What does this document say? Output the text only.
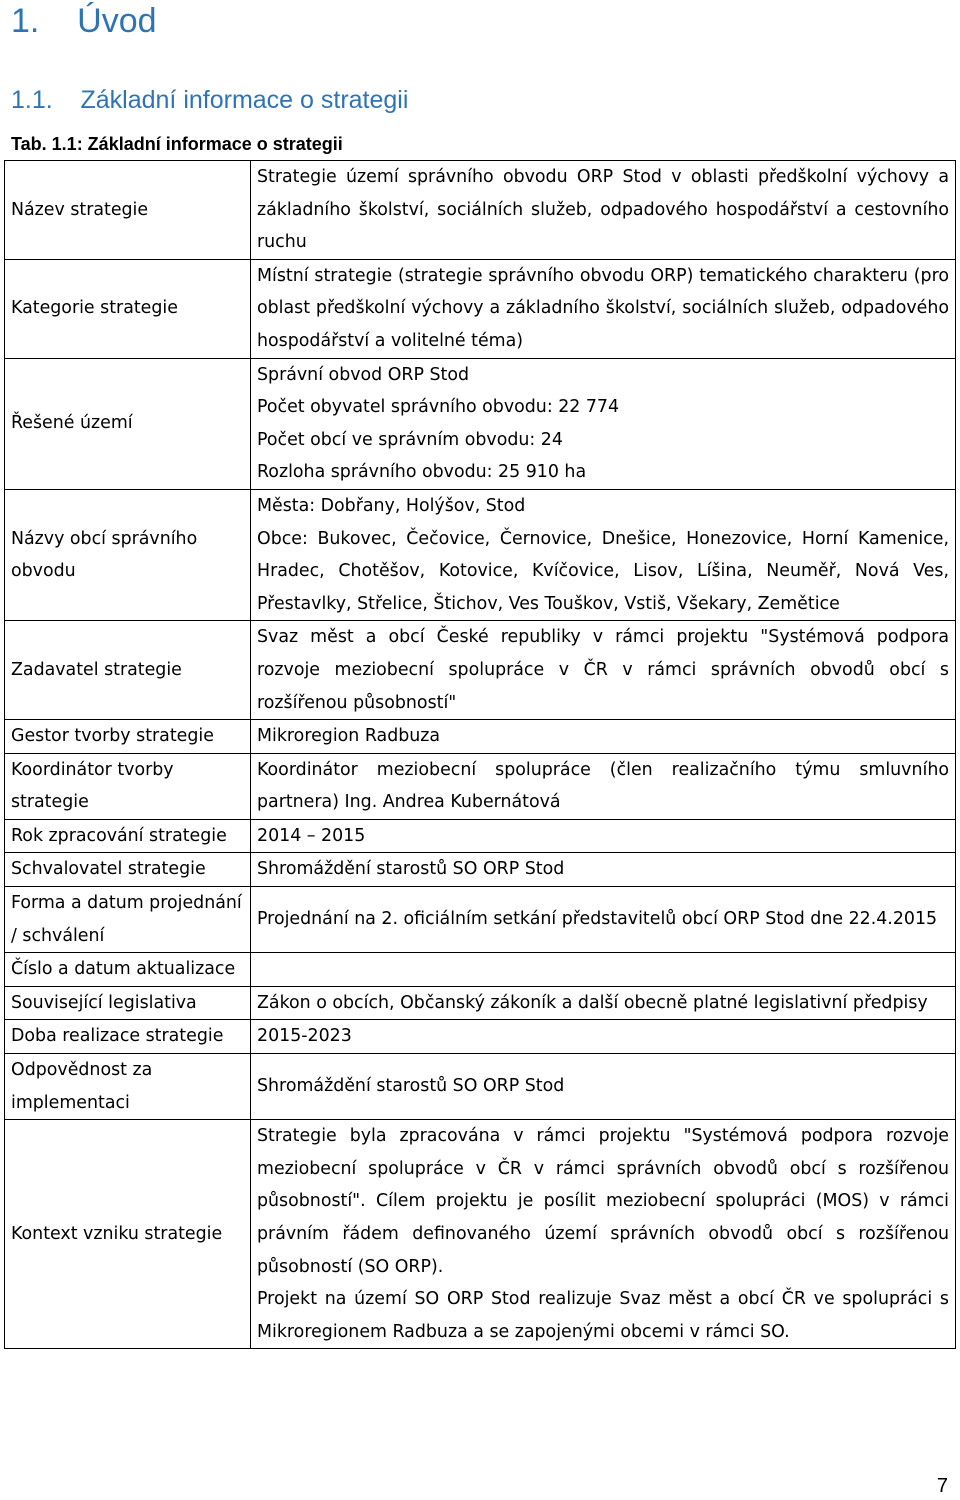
1.    Úvod
1.1.    Základní informace o strategii
Tab. 1.1: Základní informace o strategii
Název strategie	Strategie území správního obvodu ORP Stod v oblasti předškolní výchovy a základního školství, sociálních služeb, odpadového hospodářství a cestovního ruchu

Kategorie strategie	Místní strategie (strategie správního obvodu ORP) tematického charakteru (pro oblast předškolní výchovy a základního školství, sociálních služeb, odpadového hospodářství a volitelné téma)

Řešené území	Správní obvod ORP Stod
Počet obyvatel správního obvodu: 22 774
Počet obcí ve správním obvodu: 24
Rozloha správního obvodu: 25 910 ha

Názvy obcí správního obvodu	Města: Dobřany, Holýšov, Stod
Obce: Bukovec, Čečovice, Černovice, Dnešice, Honezovice, Horní Kamenice, Hradec, Chotěšov, Kotovice, Kvíčovice, Lisov, Líšina, Neuměř, Nová Ves, Přestavlky, Střelice, Štichov, Ves Touškov, Vstiš, Všekary, Zemětice

Zadavatel strategie	Svaz měst a obcí České republiky v rámci projektu "Systémová podpora rozvoje meziobecní spolupráce v ČR v rámci správních obvodů obcí s rozšířenou působností"

Gestor tvorby strategie	Mikroregion Radbuza

Koordinátor tvorby strategie	Koordinátor meziobecní spolupráce (člen realizačního týmu smluvního partnera) Ing. Andrea Kubernátová

Rok zpracování strategie	2014 – 2015

Schvalovatel strategie	Shromáždění starostů SO ORP Stod

Forma a datum projednání / schválení	Projednání na 2. oficiálním setkání představitelů obcí ORP Stod dne 22.4.2015

Číslo a datum aktualizace	

Související legislativa	Zákon o obcích, Občanský zákoník a další obecně platné legislativní předpisy

Doba realizace strategie	2015-2023

Odpovědnost za implementaci	Shromáždění starostů SO ORP Stod

Kontext vzniku strategie	Strategie byla zpracována v rámci projektu "Systémová podpora rozvoje meziobecní spolupráce v ČR v rámci správních obvodů obcí s rozšířenou působností". Cílem projektu je posílit meziobecní spolupráci (MOS) v rámci právním řádem definovaného území správních obvodů obcí s rozšířenou působností (SO ORP).
Projekt na území SO ORP Stod realizuje Svaz měst a obcí ČR ve spolupráci s Mikroregionem Radbuza a se zapojenými obcemi v rámci SO.
7
